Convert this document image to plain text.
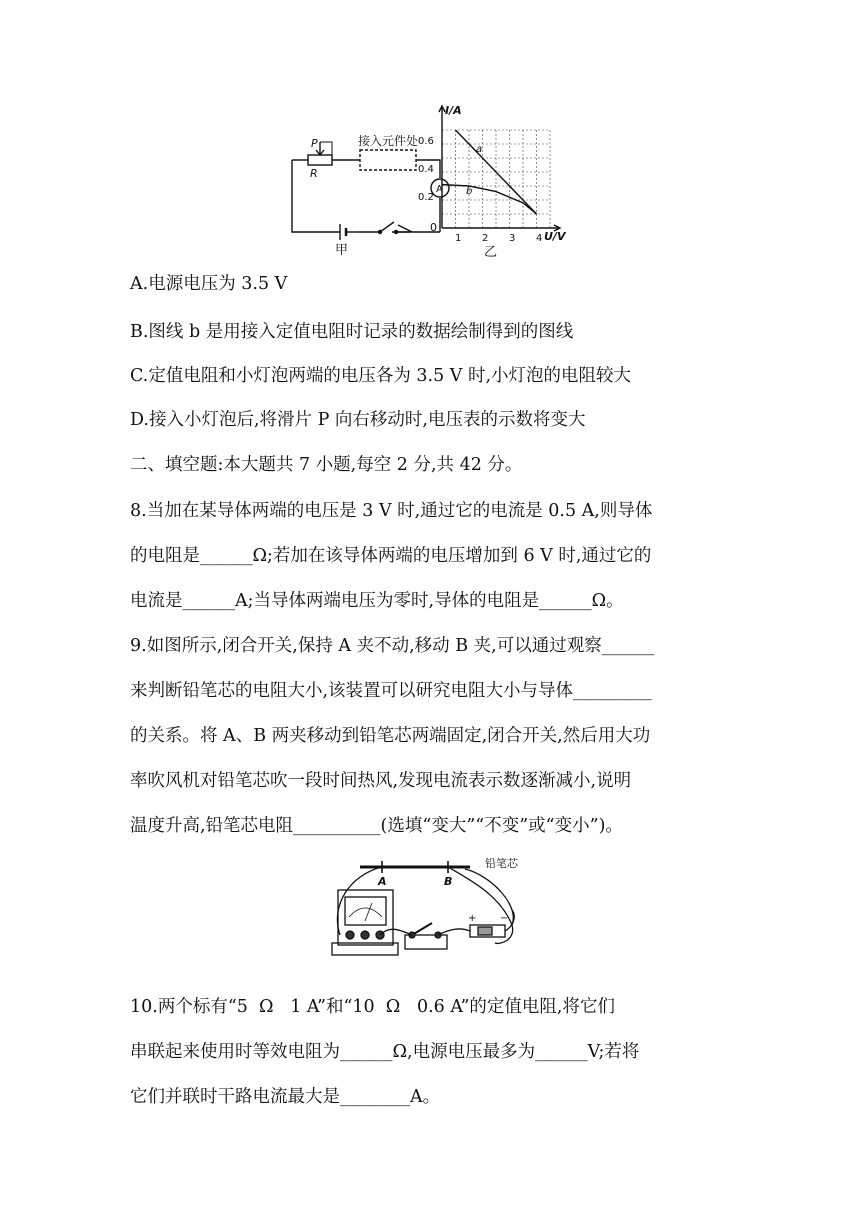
P
R
接入元件处
A
甲
I/A
U/V
0
0.2
0.4
0.6
1 2 3 4
a
b
乙
A.电源电压为 3.5 V
B.图线 b 是用接入定值电阻时记录的数据绘制得到的图线
C.定值电阻和小灯泡两端的电压各为 3.5 V 时,小灯泡的电阻较大
D.接入小灯泡后,将滑片 P 向右移动时,电压表的示数将变大
二、填空题:本大题共 7 小题,每空 2 分,共 42 分。
8.当加在某导体两端的电压是 3 V 时,通过它的电流是 0.5 A,则导体
的电阻是______Ω;若加在该导体两端的电压增加到 6 V 时,通过它的
电流是______A;当导体两端电压为零时,导体的电阻是______Ω。
9.如图所示,闭合开关,保持 A 夹不动,移动 B 夹,可以通过观察______
来判断铅笔芯的电阻大小,该装置可以研究电阻大小与导体_________
的关系。将 A、B 两夹移动到铅笔芯两端固定,闭合开关,然后用大功
率吹风机对铅笔芯吹一段时间热风,发现电流表示数逐渐减小,说明
温度升高,铅笔芯电阻__________(选填“变大”“不变”或“变小”)。
A	B
铅笔芯
+ −
10.两个标有“5  Ω   1 A”和“10  Ω   0.6 A”的定值电阻,将它们
串联起来使用时等效电阻为______Ω,电源电压最多为______V;若将
它们并联时干路电流最大是________A。
